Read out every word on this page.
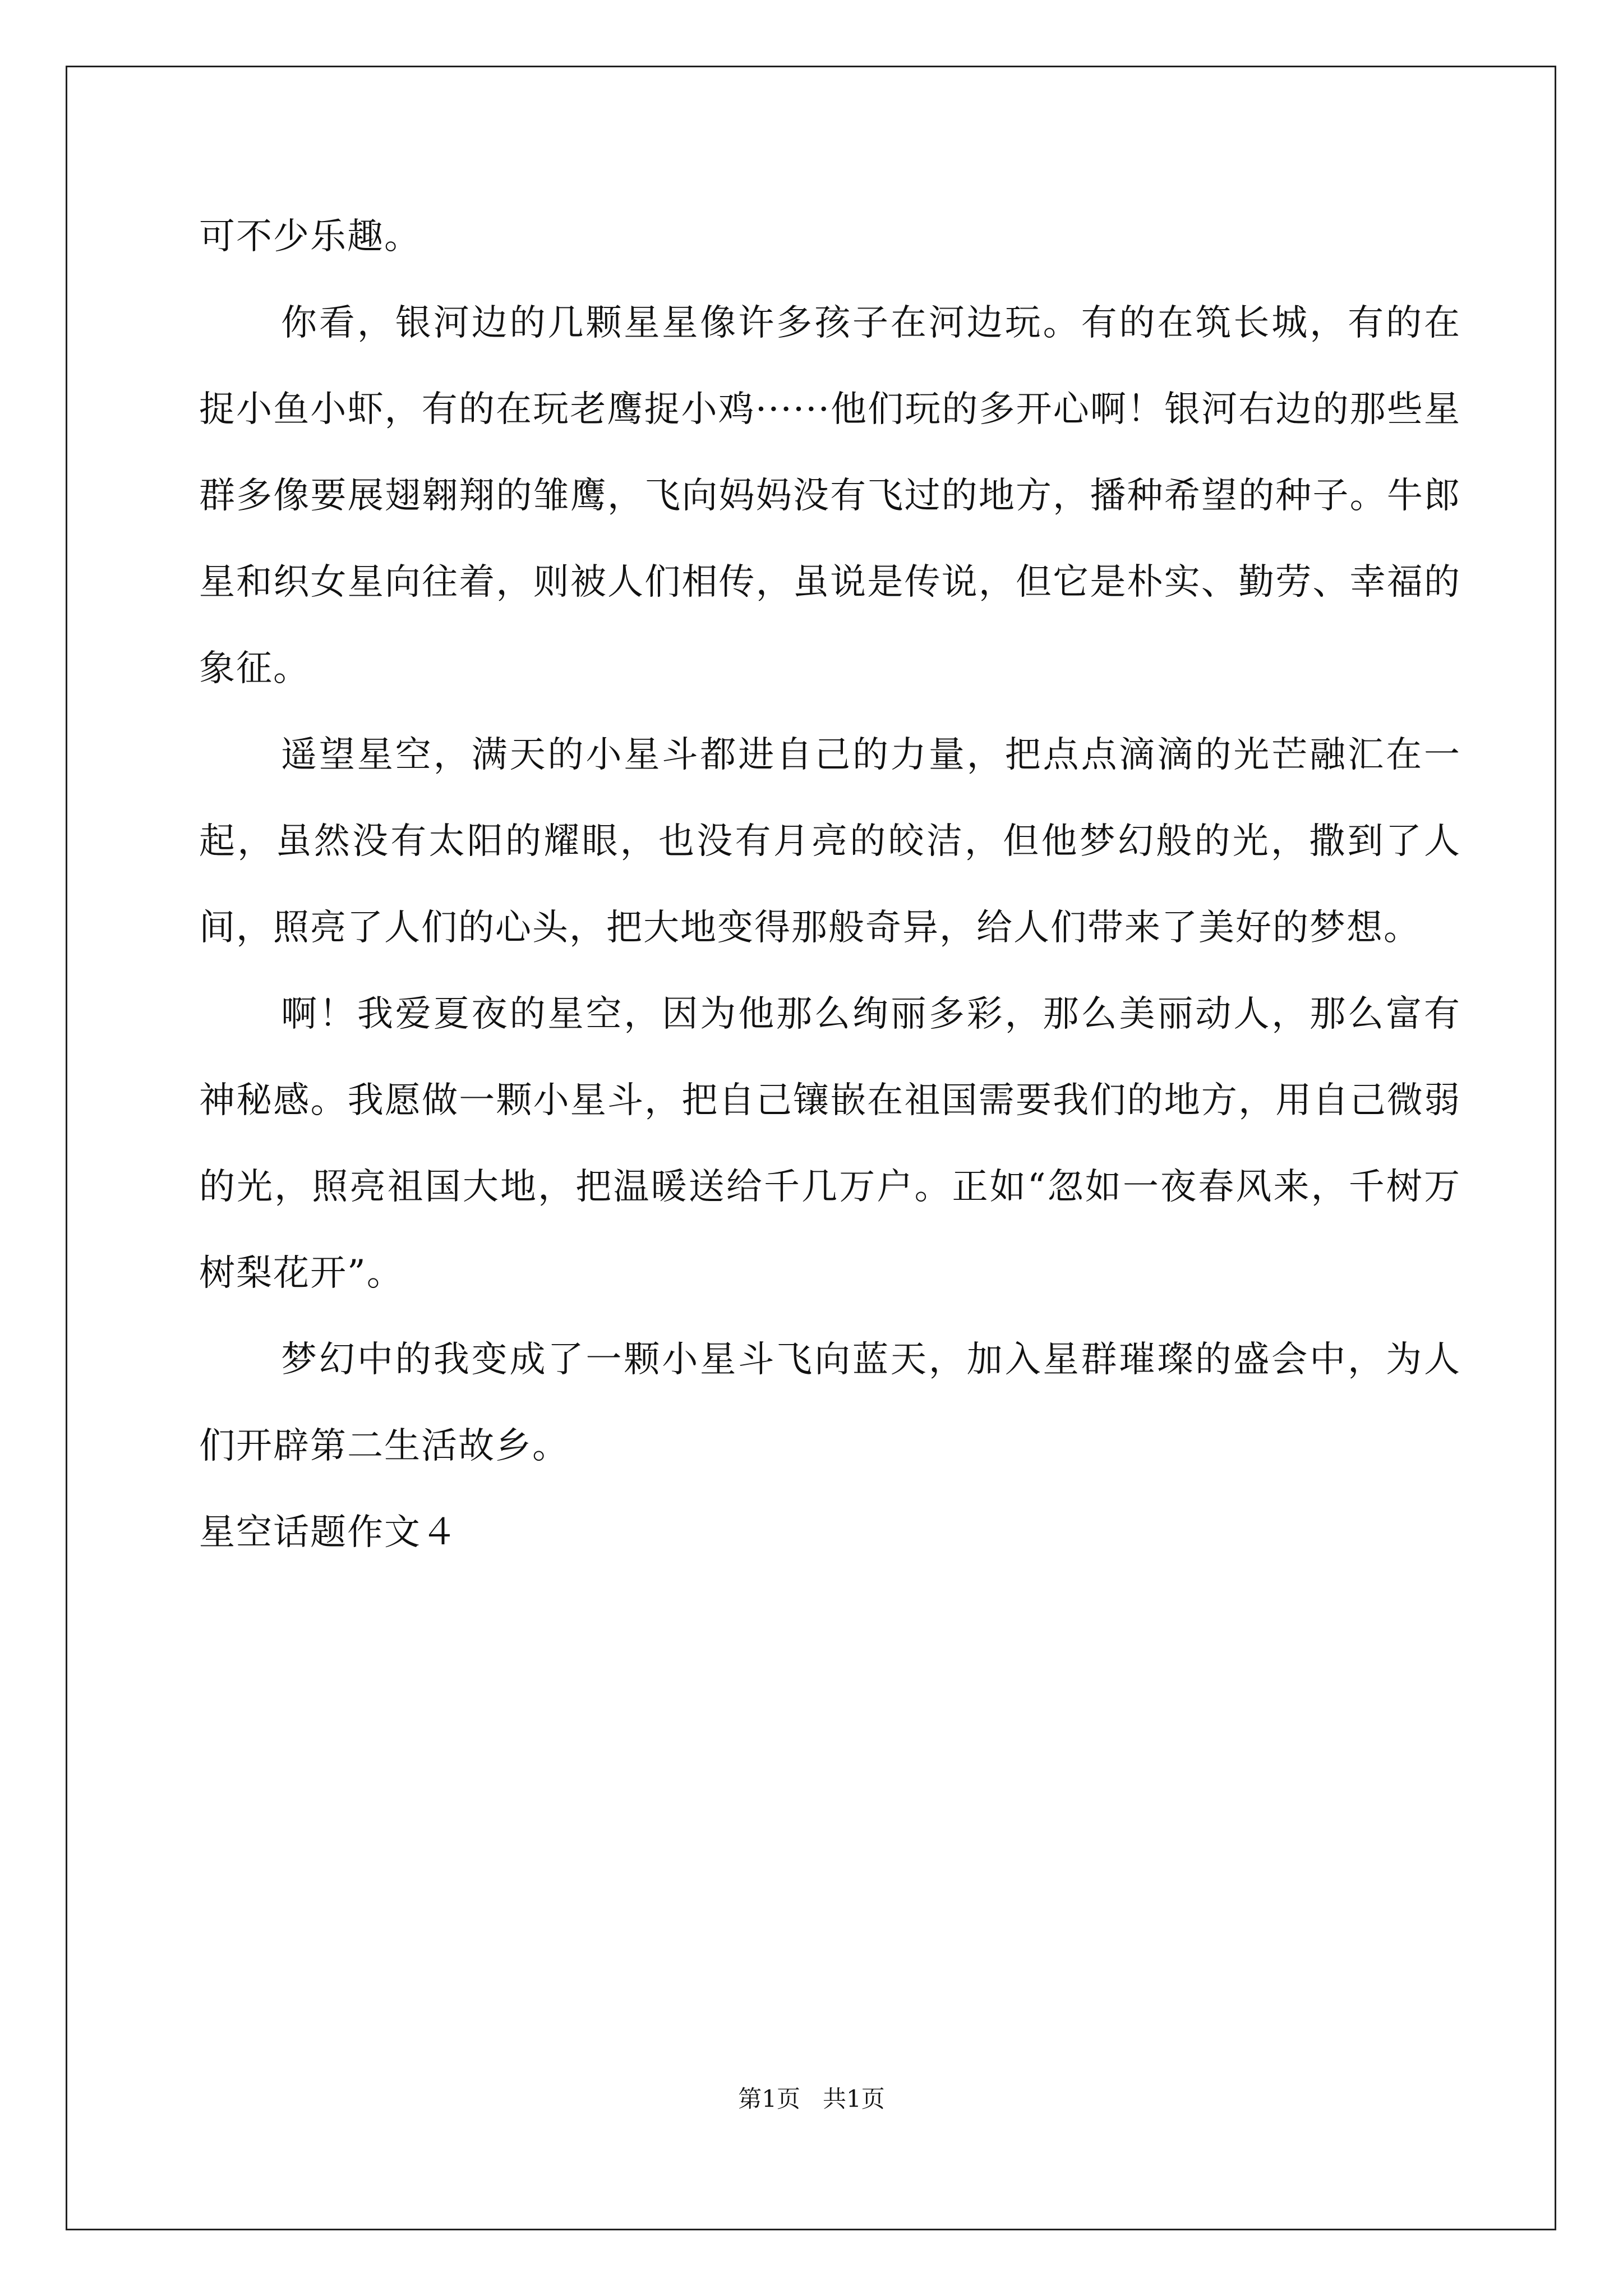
可不少乐趣。

你看，银河边的几颗星星像许多孩子在河边玩。有的在筑长城，有的在捉小鱼小虾，有的在玩老鹰捉小鸡······他们玩的多开心啊！银河右边的那些星群多像要展翅翱翔的雏鹰，飞向妈妈没有飞过的地方，播种希望的种子。牛郎星和织女星向往着，则被人们相传，虽说是传说，但它是朴实、勤劳、幸福的象征。

遥望星空，满天的小星斗都进自己的力量，把点点滴滴的光芒融汇在一起，虽然没有太阳的耀眼，也没有月亮的皎洁，但他梦幻般的光，撒到了人间，照亮了人们的心头，把大地变得那般奇异，给人们带来了美好的梦想。

啊！我爱夏夜的星空，因为他那么绚丽多彩，那么美丽动人，那么富有神秘感。我愿做一颗小星斗，把自己镶嵌在祖国需要我们的地方，用自己微弱的光，照亮祖国大地，把温暖送给千几万户。正如“忽如一夜春风来，千树万树梨花开”。

梦幻中的我变成了一颗小星斗飞向蓝天，加入星群璀璨的盛会中，为人们开辟第二生活故乡。

星空话题作文４

第1页 共1页
